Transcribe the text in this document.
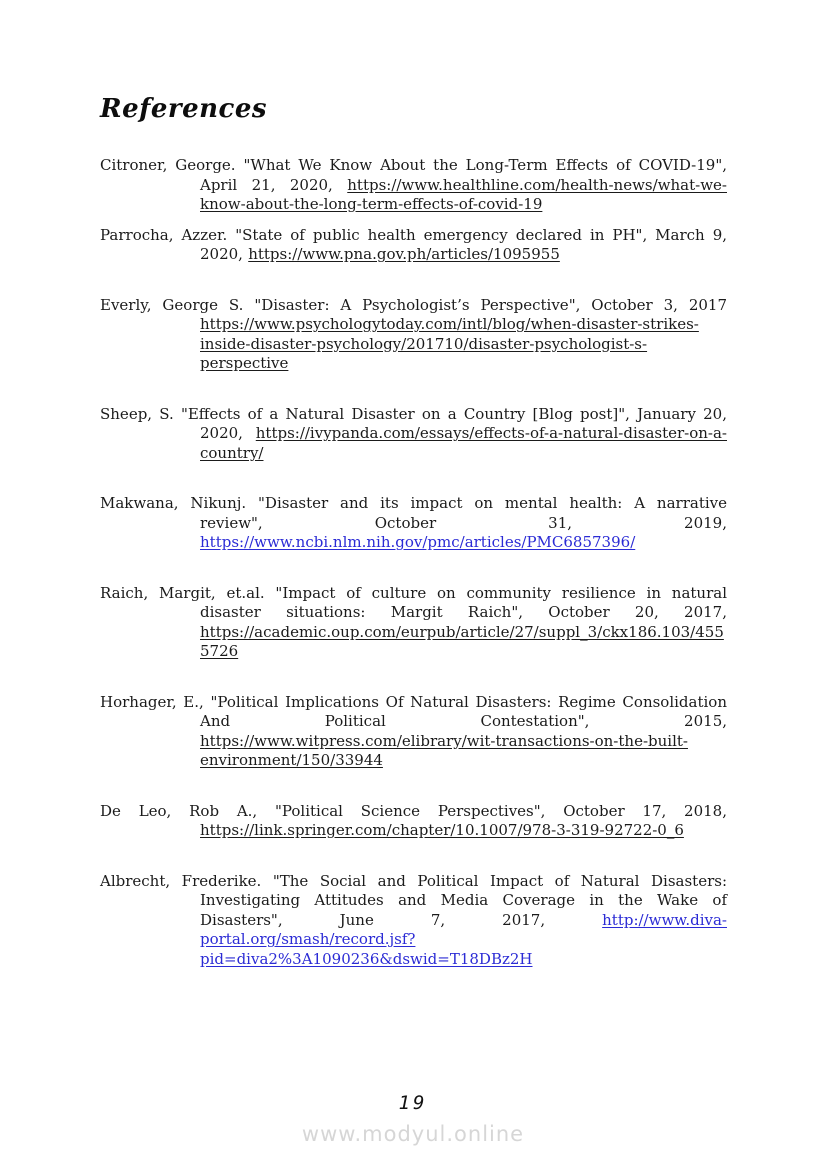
References

Citroner, George. "What We Know About the Long-Term Effects of COVID-19", April 21, 2020, https://www.healthline.com/health-news/what-we-know-about-the-long-term-effects-of-covid-19

Parrocha, Azzer. "State of public health emergency declared in PH", March 9, 2020, https://www.pna.gov.ph/articles/1095955

Everly, George S. "Disaster: A Psychologist’s Perspective", October 3, 2017 https://www.psychologytoday.com/intl/blog/when-disaster-strikes-inside-disaster-psychology/201710/disaster-psychologist-s-perspective

Sheep, S. "Effects of a Natural Disaster on a Country [Blog post]", January 20, 2020, https://ivypanda.com/essays/effects-of-a-natural-disaster-on-a-country/

Makwana, Nikunj. "Disaster and its impact on mental health: A narrative review", October 31, 2019, https://www.ncbi.nlm.nih.gov/pmc/articles/PMC6857396/

Raich, Margit, et.al. "Impact of culture on community resilience in natural disaster situations: Margit Raich", October 20, 2017, https://academic.oup.com/eurpub/article/27/suppl_3/ckx186.103/4555726

Horhager, E., "Political Implications Of Natural Disasters: Regime Consolidation And Political Contestation", 2015, https://www.witpress.com/elibrary/wit-transactions-on-the-built-environment/150/33944

De Leo, Rob A., "Political Science Perspectives", October 17, 2018, https://link.springer.com/chapter/10.1007/978-3-319-92722-0_6

Albrecht, Frederike. "The Social and Political Impact of Natural Disasters: Investigating Attitudes and Media Coverage in the Wake of Disasters", June 7, 2017, http://www.diva-portal.org/smash/record.jsf?pid=diva2%3A1090236&dswid=T18DBz2H

19
www.modyul.online
